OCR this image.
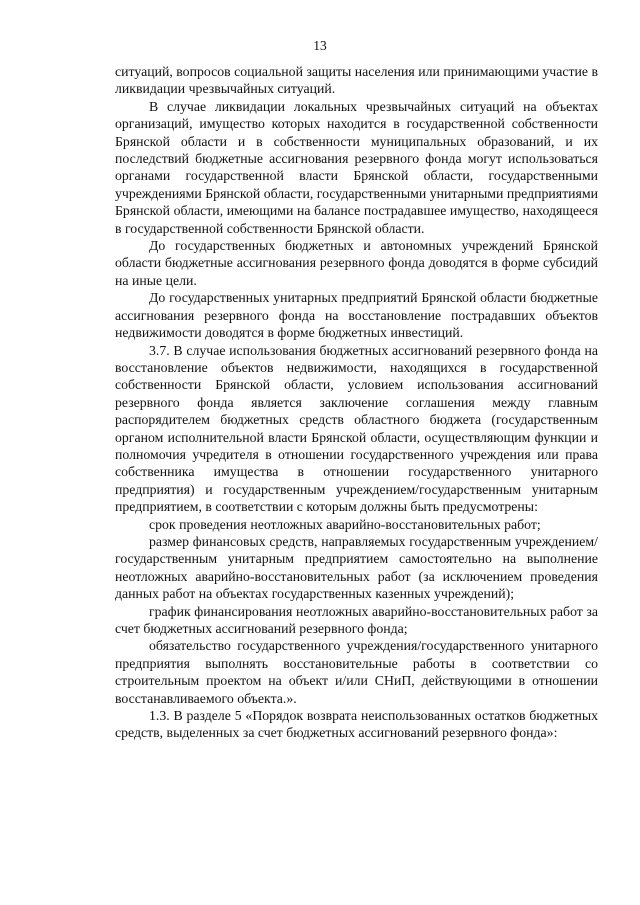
13

ситуаций, вопросов социальной защиты населения или принимающими участие в ликвидации чрезвычайных ситуаций.

В случае ликвидации локальных чрезвычайных ситуаций на объектах организаций, имущество которых находится в государственной собственности Брянской области и в собственности муниципальных образований, и их последствий бюджетные ассигнования резервного фонда могут использоваться органами государственной власти Брянской области, государственными учреждениями Брянской области, государственными унитарными предприятиями Брянской области, имеющими на балансе пострадавшее имущество, находящееся в государственной собственности Брянской области.

До государственных бюджетных и автономных учреждений Брянской области бюджетные ассигнования резервного фонда доводятся в форме субсидий на иные цели.

До государственных унитарных предприятий Брянской области бюджетные ассигнования резервного фонда на восстановление пострадавших объектов недвижимости доводятся в форме бюджетных инвестиций.

3.7. В случае использования бюджетных ассигнований резервного фонда на восстановление объектов недвижимости, находящихся в государственной собственности Брянской области, условием использования ассигнований резервного фонда является заключение соглашения между главным распорядителем бюджетных средств областного бюджета (государственным органом исполнительной власти Брянской области, осуществляющим функции и полномочия учредителя в отношении государственного учреждения или права собственника имущества в отношении государственного унитарного предприятия) и государственным учреждением/государственным унитарным предприятием, в соответствии с которым должны быть предусмотрены:

срок проведения неотложных аварийно-восстановительных работ;

размер финансовых средств, направляемых государственным учреждением/государственным унитарным предприятием самостоятельно на выполнение неотложных аварийно-восстановительных работ (за исключением проведения данных работ на объектах государственных казенных учреждений);

график финансирования неотложных аварийно-восстановительных работ за счет бюджетных ассигнований резервного фонда;

обязательство государственного учреждения/государственного унитарного предприятия выполнять восстановительные работы в соответствии со строительным проектом на объект и/или СНиП, действующими в отношении восстанавливаемого объекта.».

1.3. В разделе 5 «Порядок возврата неиспользованных остатков бюджетных средств, выделенных за счет бюджетных ассигнований резервного фонда»:
